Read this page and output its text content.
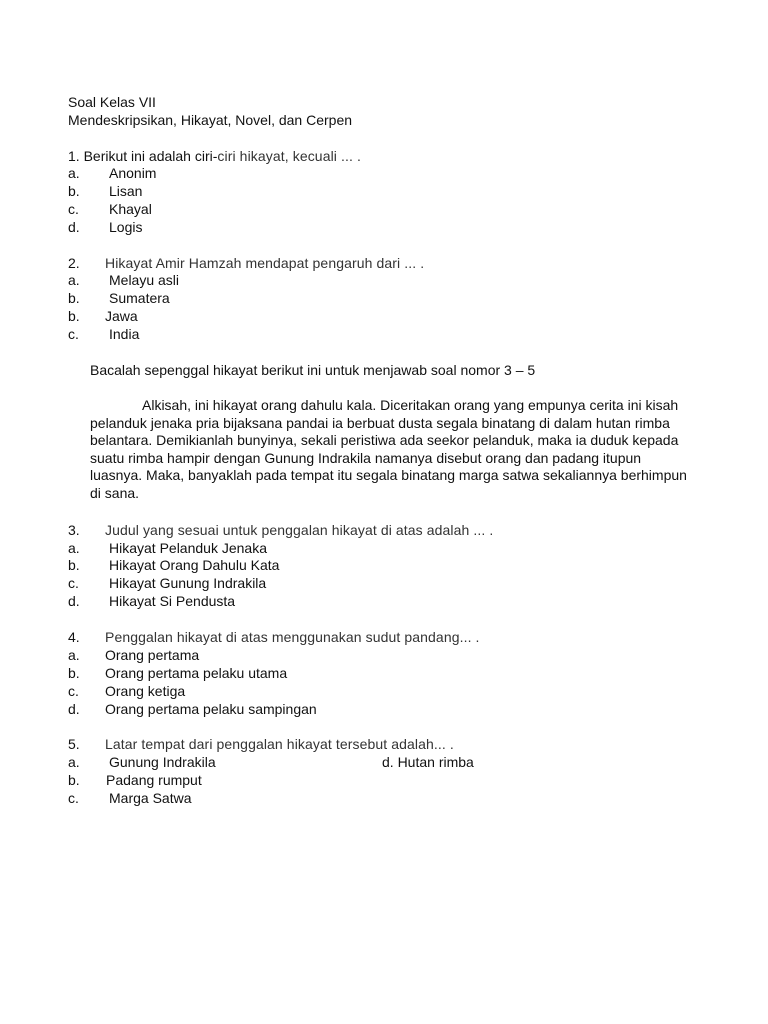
Soal Kelas VII
Mendeskripsikan, Hikayat, Novel, dan Cerpen
1. Berikut ini adalah ciri-ciri hikayat, kecuali ... .
a. Anonim
b. Lisan
c. Khayal
d. Logis
2. Hikayat Amir Hamzah mendapat pengaruh dari ... .
a. Melayu asli
b. Sumatera
b. Jawa
c. India
Bacalah sepenggal hikayat berikut ini untuk menjawab soal nomor 3 – 5
Alkisah, ini hikayat orang dahulu kala. Diceritakan orang yang empunya cerita ini kisah pelanduk jenaka pria bijaksana pandai ia berbuat dusta segala binatang di dalam hutan rimba belantara. Demikianlah bunyinya, sekali peristiwa ada seekor pelanduk, maka ia duduk kepada suatu rimba hampir dengan Gunung Indrakila namanya disebut orang dan padang itupun luasnya. Maka, banyaklah pada tempat itu segala binatang marga satwa sekaliannya berhimpun di sana.
3. Judul yang sesuai untuk penggalan hikayat di atas adalah ... .
a. Hikayat Pelanduk Jenaka
b. Hikayat Orang Dahulu Kata
c. Hikayat Gunung Indrakila
d. Hikayat Si Pendusta
4. Penggalan hikayat di atas menggunakan sudut pandang... .
a. Orang pertama
b. Orang pertama pelaku utama
c. Orang ketiga
d. Orang pertama pelaku sampingan
5. Latar tempat dari penggalan hikayat tersebut adalah... .
a. Gunung Indrakila	d. Hutan rimba
b. Padang rumput
c. Marga Satwa
